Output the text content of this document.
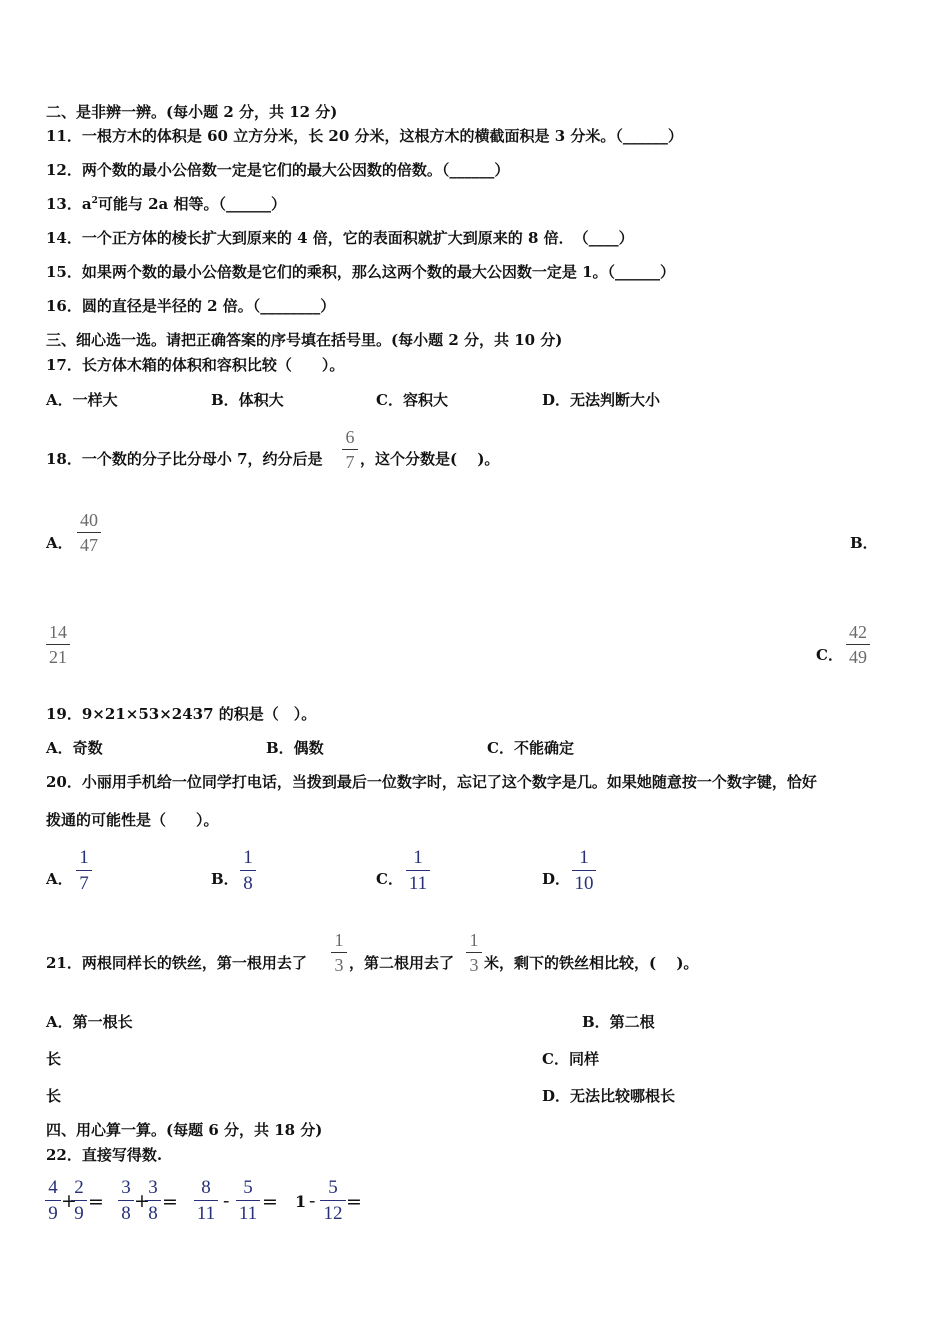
二、是非辨一辨。(每小题 2 分，共 12 分)
11．一根方木的体积是 60 立方分米，长 20 分米，这根方木的横截面积是 3 分米。（______）
12．两个数的最小公倍数一定是它们的最大公因数的倍数。（______）
13．$a^2$可能与 2a 相等。（______）
14．一个正方体的棱长扩大到原来的 4 倍，它的表面积就扩大到原来的 8 倍．　（____）
15．如果两个数的最小公倍数是它们的乘积，那么这两个数的最大公因数一定是 1。（______）
16．圆的直径是半径的 2 倍。（________）
三、细心选一选。请把正确答案的序号填在括号里。(每小题 2 分，共 10 分)
17．长方体木箱的体积和容积比较（　　）。
A．一样大	B．体积大	C．容积大	D．无法判断大小
18．一个数的分子比分母小 7，约分后是
6
7 ，这个分数是(　 )。
A．
40
47	B．
14
21	C．
42
49
19．9×21×53×2437 的积是（　）。
A．奇数	B．偶数	C．不能确定
20．小丽用手机给一位同学打电话，当拨到最后一位数字时，忘记了这个数字是几。如果她随意按一个数字键，恰好
拨通的可能性是（　　）。
A．
1
7	B．
1
8	C．
1
11	D．
1
10
21．两根同样长的铁丝，第一根用去了
1
3 ，第二根用去了
1
3 米，剩下的铁丝相比较，(　 )。
A．第一根长	B．第二根
长	C．同样
长	D．无法比较哪根长
四、用心算一算。(每题 6 分，共 18 分)
22．直接写得数.
4
9
+
2
9
=
3
8
+
3
8
=
8
11
-
5
11
= 1 -
5
12
=
